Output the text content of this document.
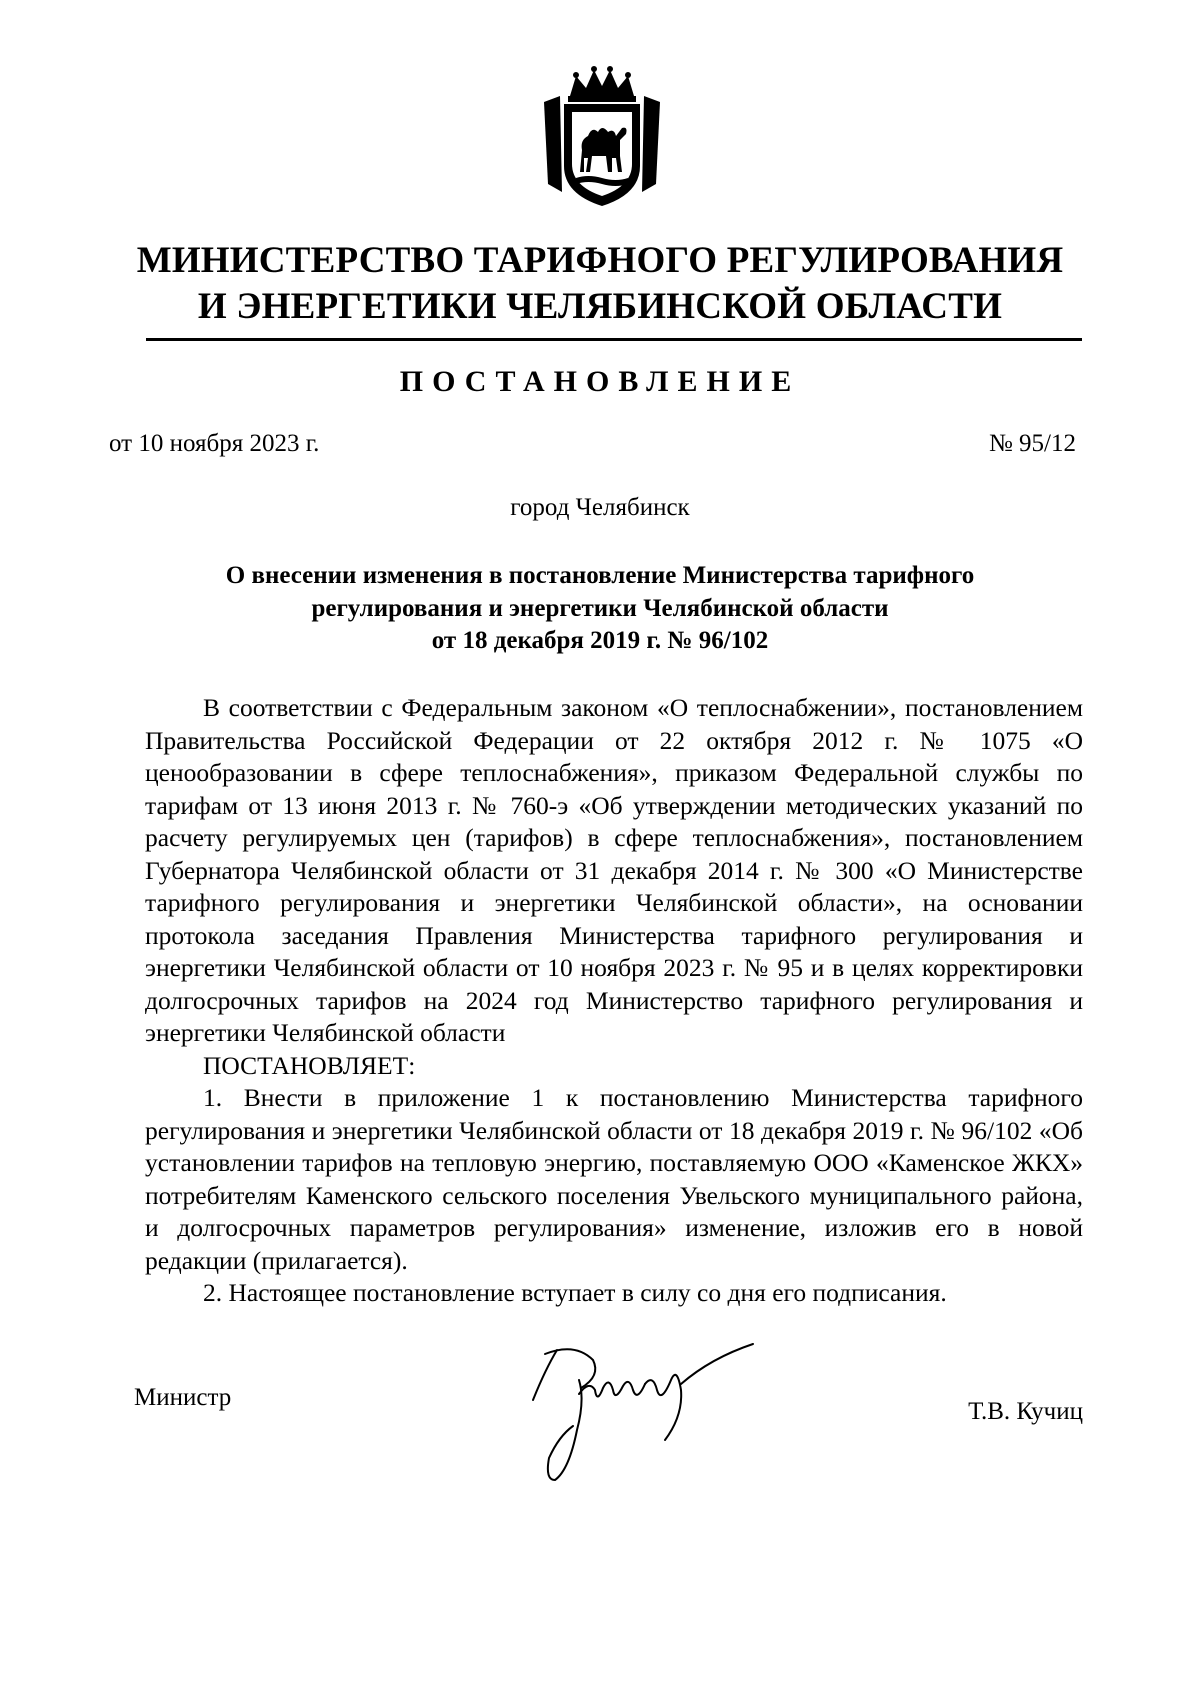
МИНИСТЕРСТВО ТАРИФНОГО РЕГУЛИРОВАНИЯ
И ЭНЕРГЕТИКИ ЧЕЛЯБИНСКОЙ ОБЛАСТИ
ПОСТАНОВЛЕНИЕ
от 10 ноября 2023 г.	№ 95/12
город Челябинск
О внесении изменения в постановление Министерства тарифного
регулирования и энергетики Челябинской области
от 18 декабря 2019 г. № 96/102

В соответствии с Федеральным законом «О теплоснабжении», постановлением Правительства Российской Федерации от 22 октября 2012 г. № 1075 «О ценообразовании в сфере теплоснабжения», приказом Федеральной службы по тарифам от 13 июня 2013 г. № 760-э «Об утверждении методических указаний по расчету регулируемых цен (тарифов) в сфере теплоснабжения», постановлением Губернатора Челябинской области от 31 декабря 2014 г. № 300 «О Министерстве тарифного регулирования и энергетики Челябинской области», на основании протокола заседания Правления Министерства тарифного регулирования и энергетики Челябинской области от 10 ноября 2023 г. № 95 и в целях корректировки долгосрочных тарифов на 2024 год Министерство тарифного регулирования и энергетики Челябинской области

ПОСТАНОВЛЯЕТ:

1. Внести в приложение 1 к постановлению Министерства тарифного регулирования и энергетики Челябинской области от 18 декабря 2019 г. № 96/102 «Об установлении тарифов на тепловую энергию, поставляемую ООО «Каменское ЖКХ» потребителям Каменского сельского поселения Увельского муниципального района, и долгосрочных параметров регулирования» изменение, изложив его в новой редакции (прилагается).

2. Настоящее постановление вступает в силу со дня его подписания.

Министр
Т.В. Кучиц
